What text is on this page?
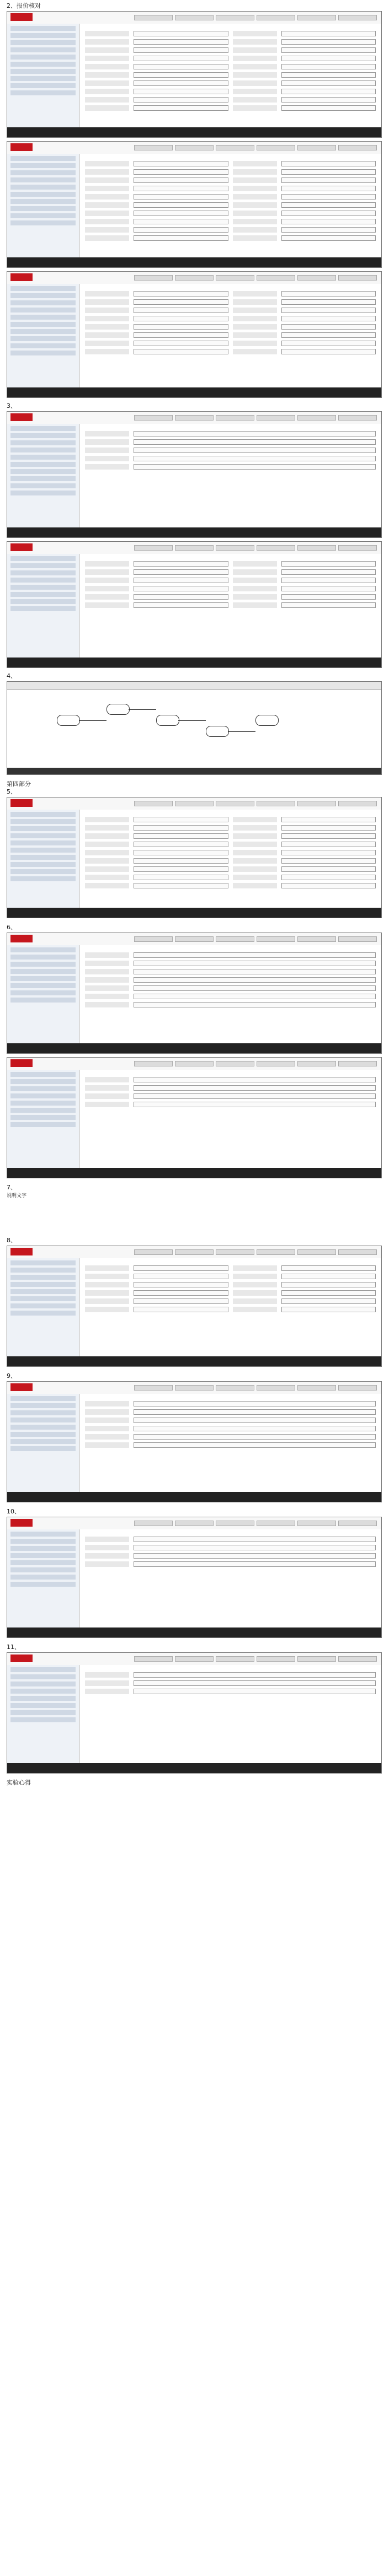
2、报价核对
3、
4、
第四部分
5、
6、
7、
说明文字
8、
9、
10、
11、
实验心得
